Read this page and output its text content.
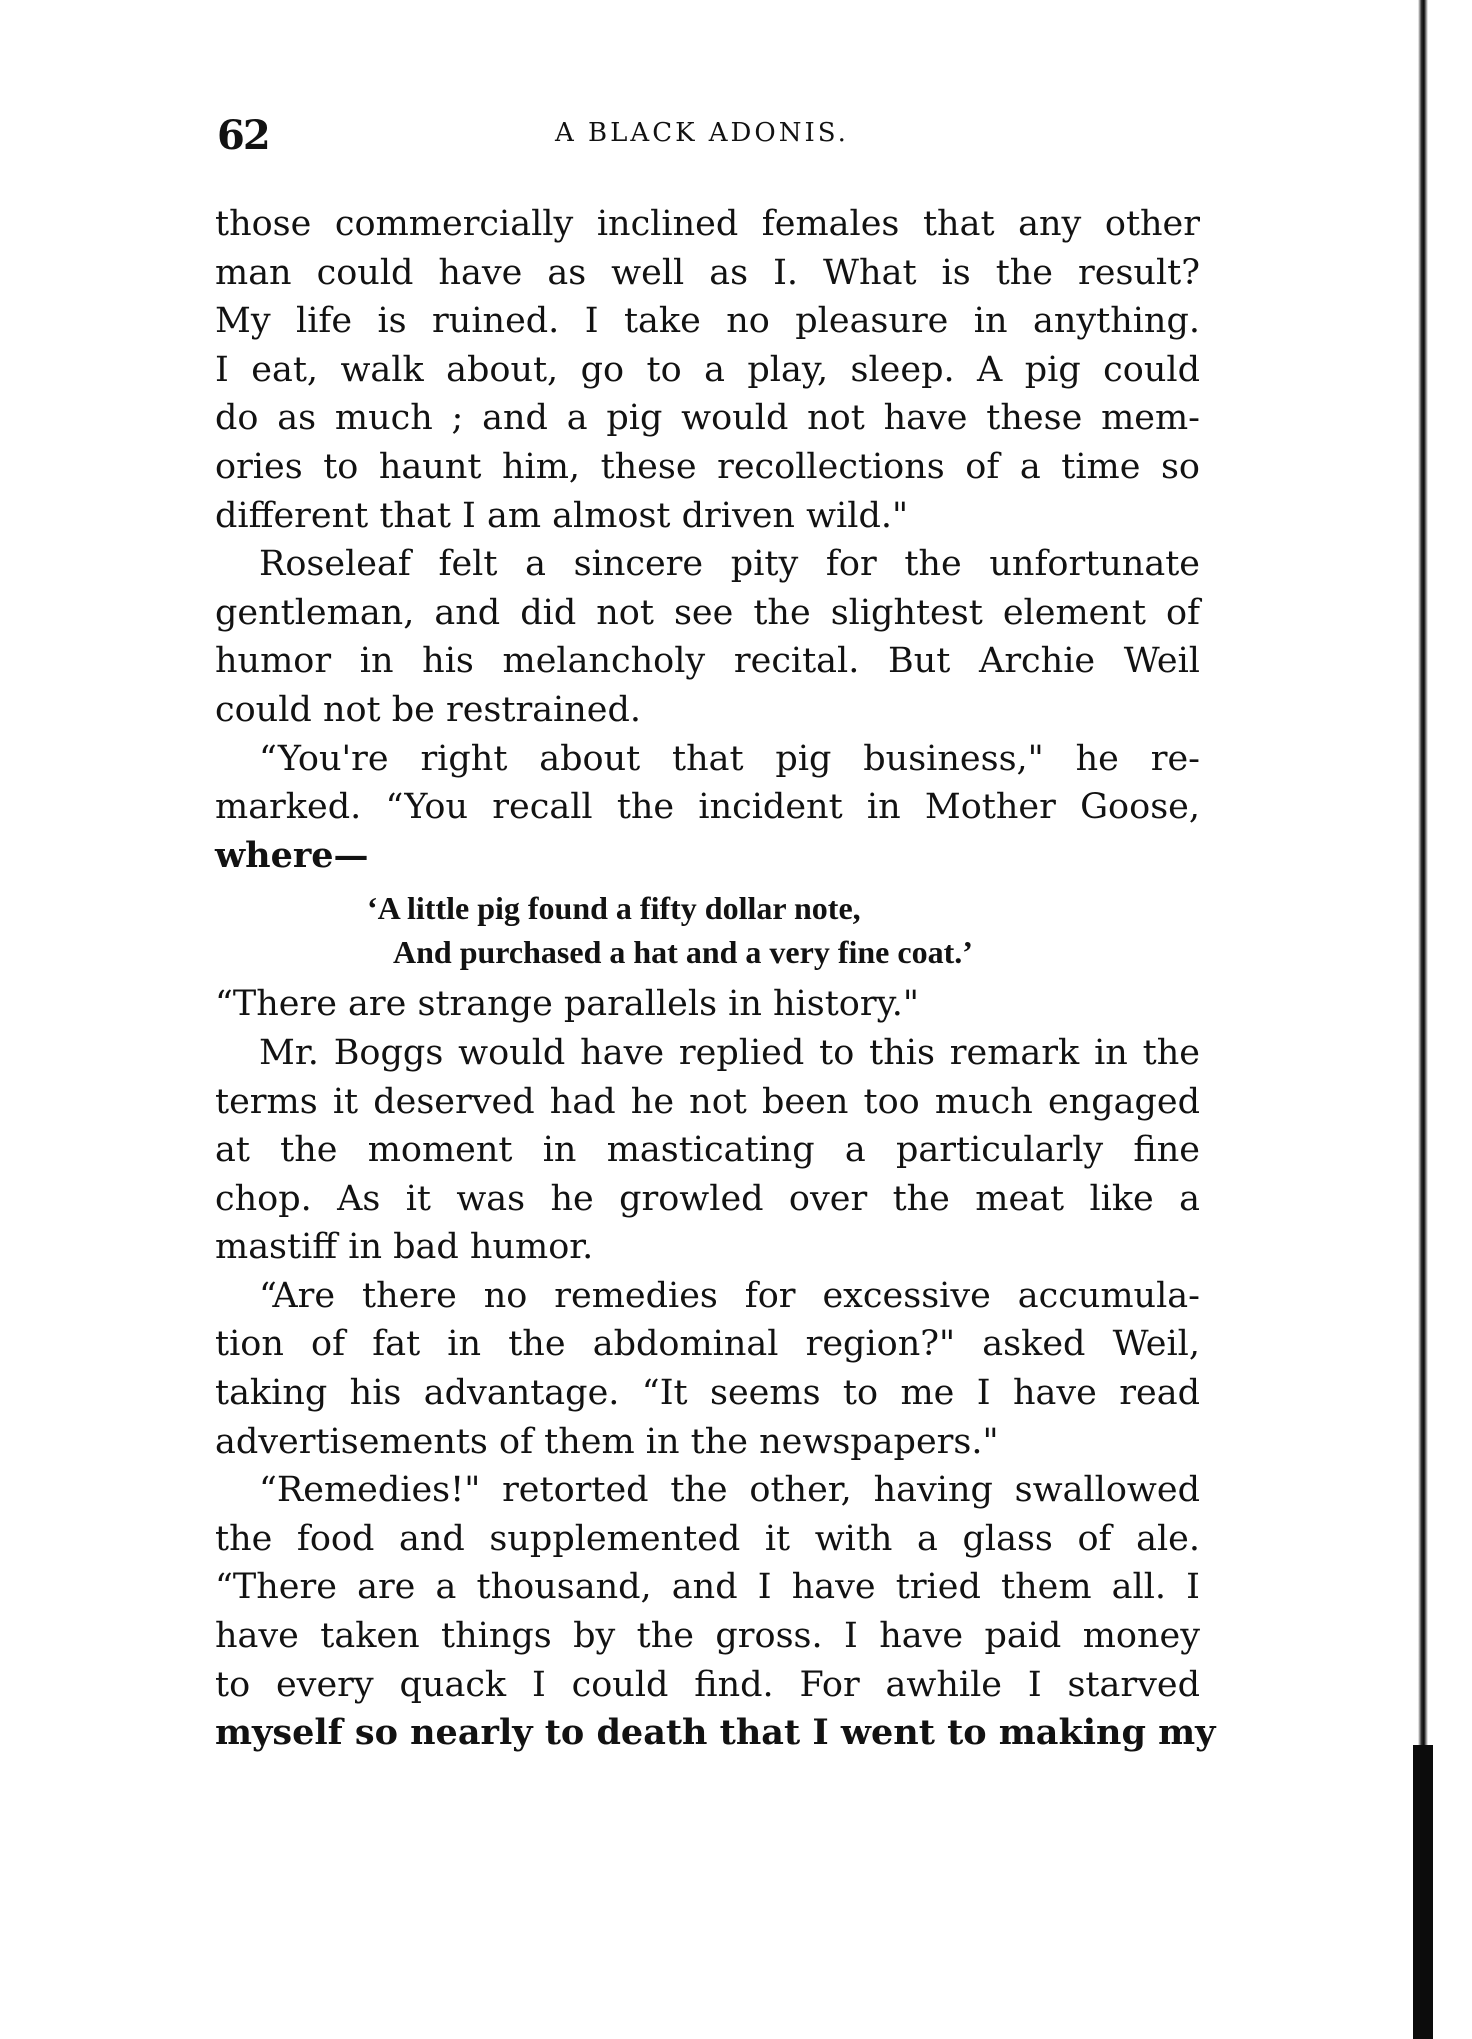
62	A BLACK ADONIS.
those commercially inclined females that any other
man could have as well as I. What is the result?
My life is ruined. I take no pleasure in anything.
I eat, walk about, go to a play, sleep. A pig could
do as much ; and a pig would not have these mem-
ories to haunt him, these recollections of a time so
different that I am almost driven wild."
Roseleaf felt a sincere pity for the unfortunate
gentleman, and did not see the slightest element of
humor in his melancholy recital. But Archie Weil
could not be restrained.
“You're right about that pig business," he re-
marked. “You recall the incident in Mother Goose,
where—
‘A little pig found a fifty dollar note,
And purchased a hat and a very fine coat.’
“There are strange parallels in history."
Mr. Boggs would have replied to this remark in the
terms it deserved had he not been too much engaged
at the moment in masticating a particularly fine
chop. As it was he growled over the meat like a
mastiff in bad humor.
“Are there no remedies for excessive accumula-
tion of fat in the abdominal region?" asked Weil,
taking his advantage. “It seems to me I have read
advertisements of them in the newspapers."
“Remedies!" retorted the other, having swallowed
the food and supplemented it with a glass of ale.
“There are a thousand, and I have tried them all. I
have taken things by the gross. I have paid money
to every quack I could find. For awhile I starved
myself so nearly to death that I went to making my
